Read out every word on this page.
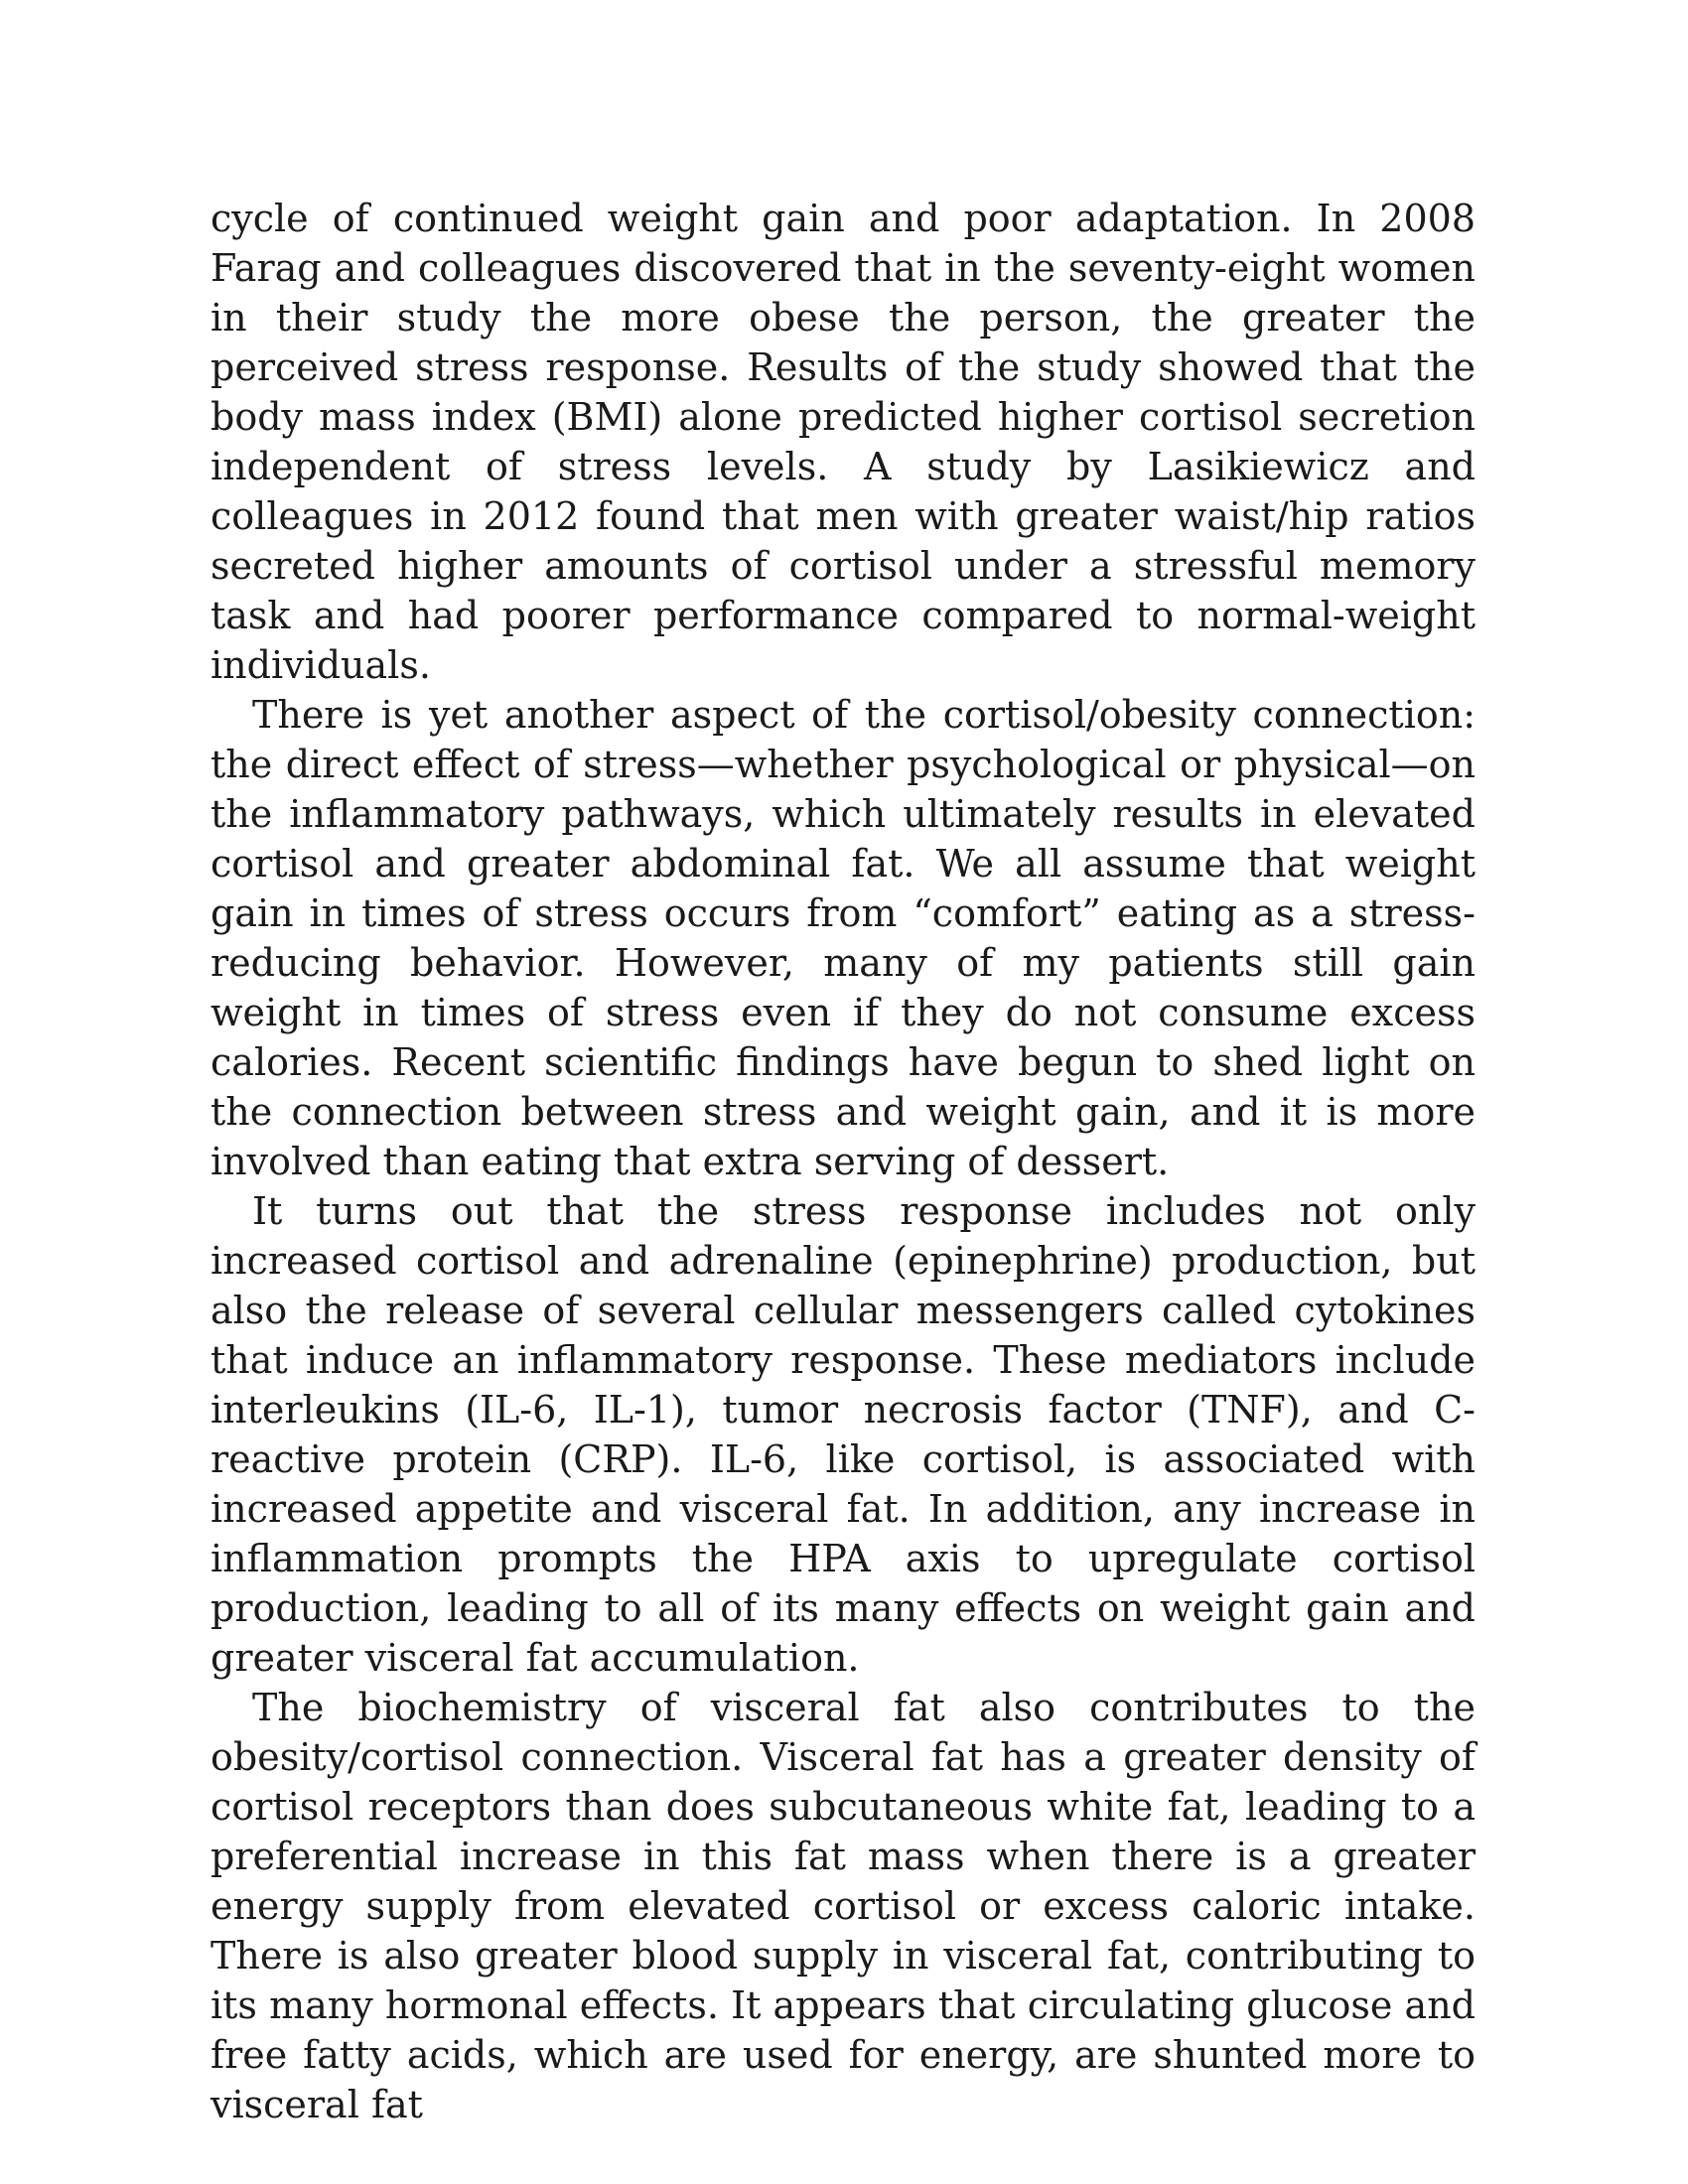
cycle of continued weight gain and poor adaptation. In 2008 Farag and colleagues discovered that in the seventy-eight women in their study the more obese the person, the greater the perceived stress response. Results of the study showed that the body mass index (BMI) alone predicted higher cortisol secretion independent of stress levels. A study by Lasikiewicz and colleagues in 2012 found that men with greater waist/hip ratios secreted higher amounts of cortisol under a stressful memory task and had poorer performance compared to normal-weight individuals.

There is yet another aspect of the cortisol/obesity connection: the direct effect of stress—whether psychological or physical—on the inflammatory pathways, which ultimately results in elevated cortisol and greater abdominal fat. We all assume that weight gain in times of stress occurs from “comfort” eating as a stress-reducing behavior. However, many of my patients still gain weight in times of stress even if they do not consume excess calories. Recent scientific findings have begun to shed light on the connection between stress and weight gain, and it is more involved than eating that extra serving of dessert.

It turns out that the stress response includes not only increased cortisol and adrenaline (epinephrine) production, but also the release of several cellular messengers called cytokines that induce an inflammatory response. These mediators include interleukins (IL-6, IL-1), tumor necrosis factor (TNF), and C-reactive protein (CRP). IL-6, like cortisol, is associated with increased appetite and visceral fat. In addition, any increase in inflammation prompts the HPA axis to upregulate cortisol production, leading to all of its many effects on weight gain and greater visceral fat accumulation.

The biochemistry of visceral fat also contributes to the obesity/cortisol connection. Visceral fat has a greater density of cortisol receptors than does subcutaneous white fat, leading to a preferential increase in this fat mass when there is a greater energy supply from elevated cortisol or excess caloric intake. There is also greater blood supply in visceral fat, contributing to its many hormonal effects. It appears that circulating glucose and free fatty acids, which are used for energy, are shunted more to visceral fat
